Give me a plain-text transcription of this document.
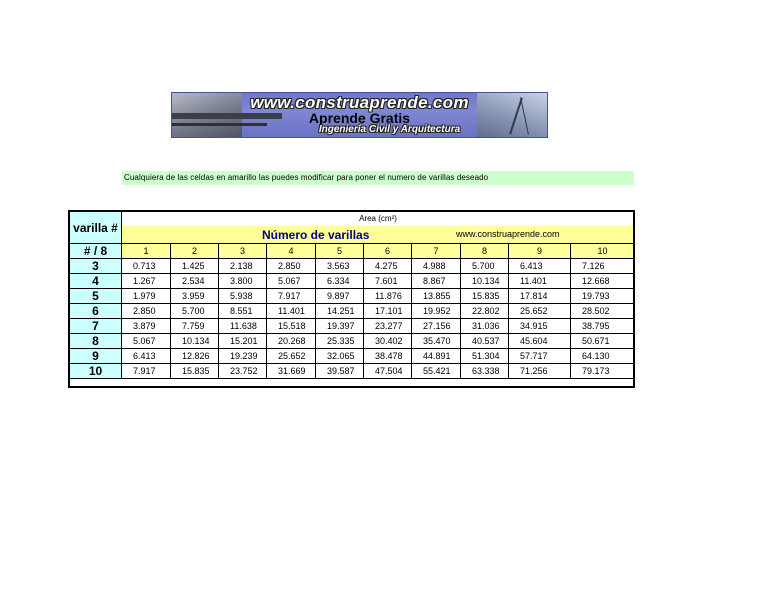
www.construaprende.com
Aprende Gratis
Ingeniería Civil y Arquitectura
Cualquiera de las celdas en amarillo las puedes modificar para poner el numero de varillas deseado
varilla #	Area (cm²)									

	Número de varillas www.construaprende.com									

# / 8	1	2	3	4	5	6	7	8	9	10
3	0.713	1.425	2.138	2.850	3.563	4.275	4.988	5.700	6.413	7.126
4	1.267	2.534	3.800	5.067	6.334	7.601	8.867	10.134	11.401	12.668
5	1.979	3.959	5.938	7.917	9.897	11.876	13.855	15.835	17.814	19.793
6	2.850	5.700	8.551	11.401	14.251	17.101	19.952	22.802	25.652	28.502
7	3.879	7.759	11.638	15.518	19.397	23.277	27.156	31.036	34.915	38.795
8	5.067	10.134	15.201	20.268	25.335	30.402	35.470	40.537	45.604	50.671
9	6.413	12.826	19.239	25.652	32.065	38.478	44.891	51.304	57.717	64.130
10	7.917	15.835	23.752	31.669	39.587	47.504	55.421	63.338	71.256	79.173
